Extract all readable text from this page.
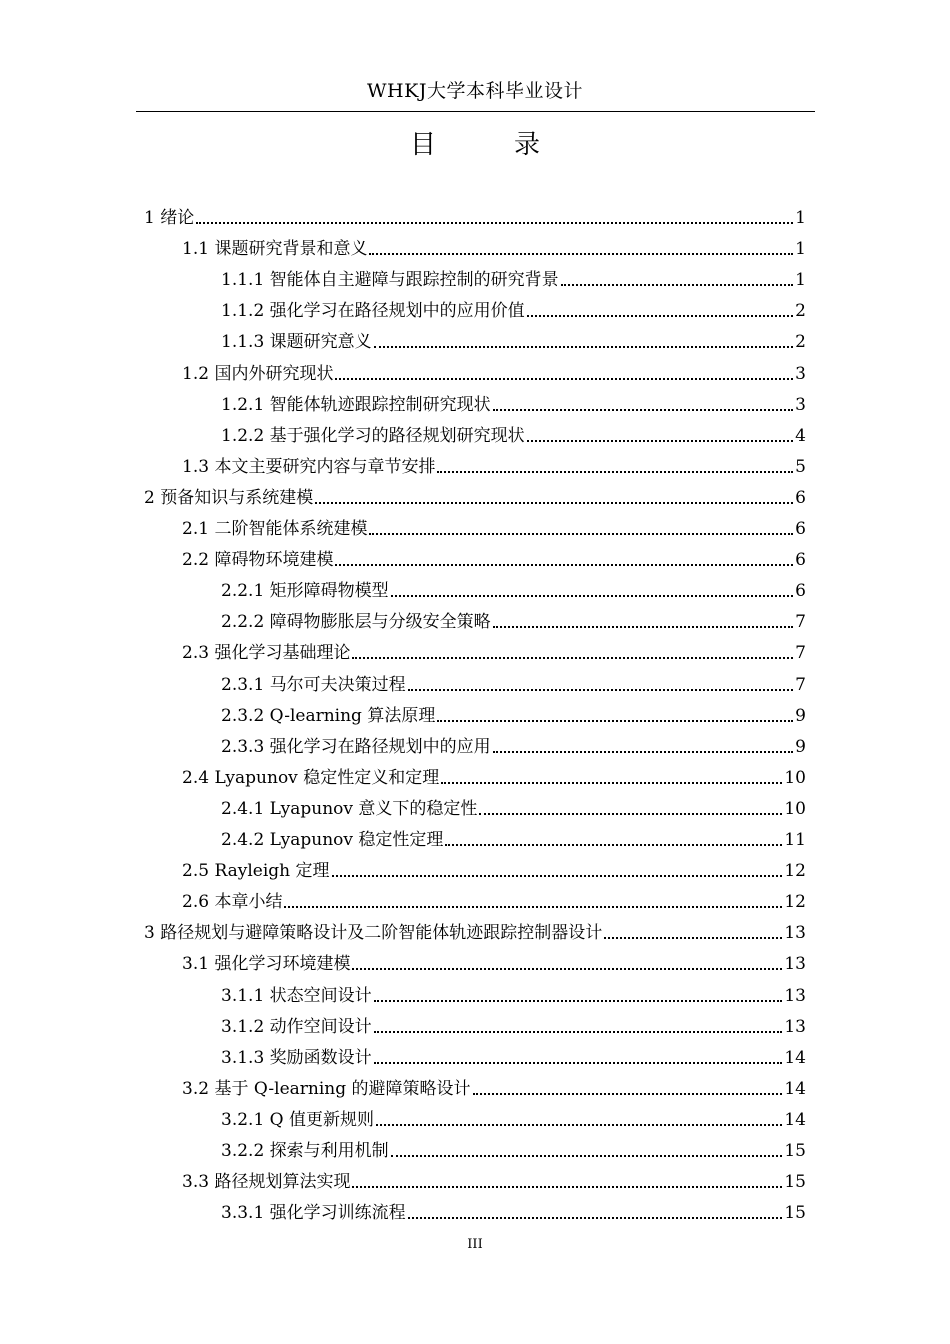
WHKJ大学本科毕业设计
目　录
1 绪论	1
1.1 课题研究背景和意义	1
1.1.1 智能体自主避障与跟踪控制的研究背景	1
1.1.2 强化学习在路径规划中的应用价值	2
1.1.3 课题研究意义	2
1.2 国内外研究现状	3
1.2.1 智能体轨迹跟踪控制研究现状	3
1.2.2 基于强化学习的路径规划研究现状	4
1.3 本文主要研究内容与章节安排	5
2 预备知识与系统建模	6
2.1 二阶智能体系统建模	6
2.2 障碍物环境建模	6
2.2.1 矩形障碍物模型	6
2.2.2 障碍物膨胀层与分级安全策略	7
2.3 强化学习基础理论	7
2.3.1 马尔可夫决策过程	7
2.3.2 Q-learning 算法原理	9
2.3.3 强化学习在路径规划中的应用	9
2.4 Lyapunov 稳定性定义和定理	10
2.4.1 Lyapunov 意义下的稳定性	10
2.4.2 Lyapunov 稳定性定理	11
2.5 Rayleigh 定理	12
2.6 本章小结	12
3 路径规划与避障策略设计及二阶智能体轨迹跟踪控制器设计	13
3.1 强化学习环境建模	13
3.1.1 状态空间设计	13
3.1.2 动作空间设计	13
3.1.3 奖励函数设计	14
3.2 基于 Q-learning 的避障策略设计	14
3.2.1 Q 值更新规则	14
3.2.2 探索与利用机制	15
3.3 路径规划算法实现	15
3.3.1 强化学习训练流程	15
III
